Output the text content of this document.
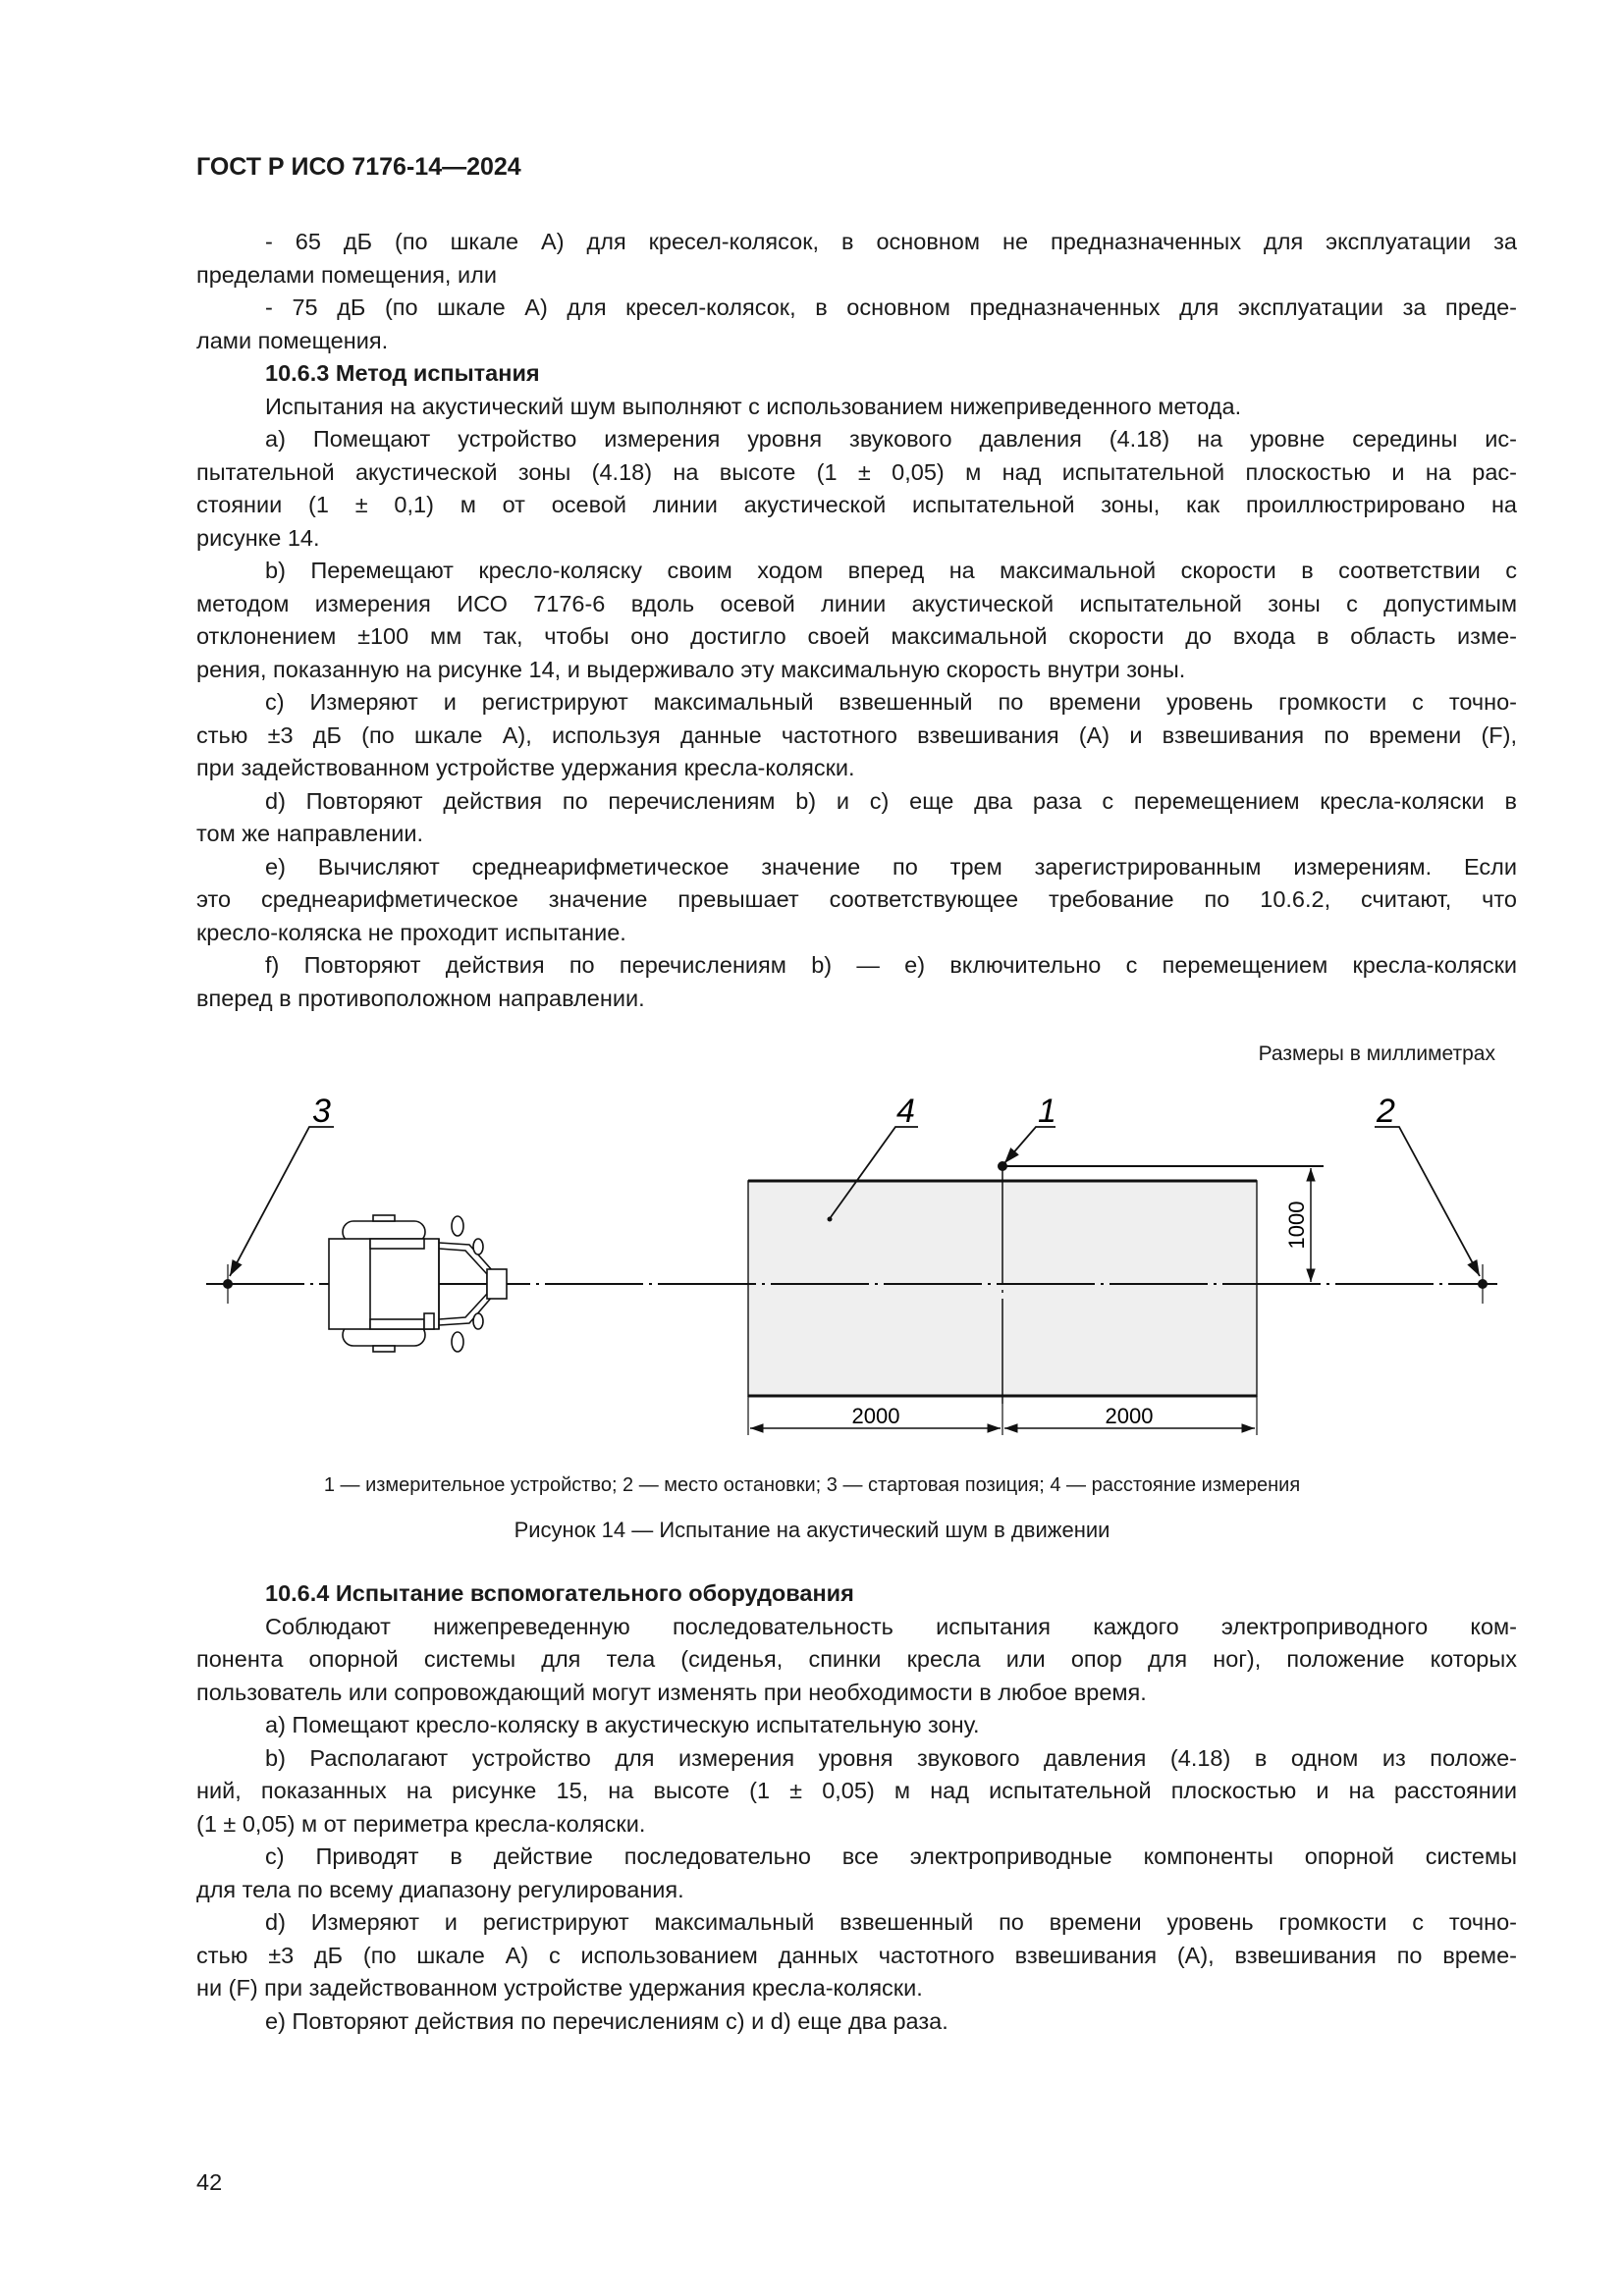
ГОСТ Р ИСО 7176-14—2024
- 65 дБ (по шкале А) для кресел-колясок, в основном не предназначенных для эксплуатации за
пределами помещения, или
- 75 дБ (по шкале А) для кресел-колясок, в основном предназначенных для эксплуатации за преде-
лами помещения.
10.6.3 Метод испытания
Испытания на акустический шум выполняют с использованием нижеприведенного метода.
a) Помещают устройство измерения уровня звукового давления (4.18) на уровне середины ис-
пытательной акустической зоны (4.18) на высоте (1 ± 0,05) м над испытательной плоскостью и на рас-
стоянии (1 ± 0,1) м от осевой линии акустической испытательной зоны, как проиллюстрировано на
рисунке 14.
b) Перемещают кресло-коляску своим ходом вперед на максимальной скорости в соответствии с
методом измерения ИСО 7176-6 вдоль осевой линии акустической испытательной зоны с допустимым
отклонением ±100 мм так, чтобы оно достигло своей максимальной скорости до входа в область изме-
рения, показанную на рисунке 14, и выдерживало эту максимальную скорость внутри зоны.
c) Измеряют и регистрируют максимальный взвешенный по времени уровень громкости с точно-
стью ±3 дБ (по шкале А), используя данные частотного взвешивания (А) и взвешивания по времени (F),
при задействованном устройстве удержания кресла-коляски.
d) Повторяют действия по перечислениям b) и c) еще два раза с перемещением кресла-коляски в
том же направлении.
e) Вычисляют среднеарифметическое значение по трем зарегистрированным измерениям. Если
это среднеарифметическое значение превышает соответствующее требование по 10.6.2, считают, что
кресло-коляска не проходит испытание.
f) Повторяют действия по перечислениям b) — e) включительно с перемещением кресла-коляски
вперед в противоположном направлении.
Размеры в миллиметрах
3	4	1	2
1000
2000	2000
1 — измерительное устройство; 2 — место остановки; 3 — стартовая позиция; 4 — расстояние измерения
Рисунок 14 — Испытание на акустический шум в движении
10.6.4 Испытание вспомогательного оборудования
Соблюдают нижепреведенную последовательность испытания каждого электроприводного ком-
понента опорной системы для тела (сиденья, спинки кресла или опор для ног), положение которых
пользователь или сопровождающий могут изменять при необходимости в любое время.
a) Помещают кресло-коляску в акустическую испытательную зону.
b) Располагают устройство для измерения уровня звукового давления (4.18) в одном из положе-
ний, показанных на рисунке 15, на высоте (1 ± 0,05) м над испытательной плоскостью и на расстоянии
(1 ± 0,05) м от периметра кресла-коляски.
c) Приводят в действие последовательно все электроприводные компоненты опорной системы
для тела по всему диапазону регулирования.
d) Измеряют и регистрируют максимальный взвешенный по времени уровень громкости с точно-
стью ±3 дБ (по шкале А) с использованием данных частотного взвешивания (А), взвешивания по време-
ни (F) при задействованном устройстве удержания кресла-коляски.
e) Повторяют действия по перечислениям c) и d) еще два раза.
42
